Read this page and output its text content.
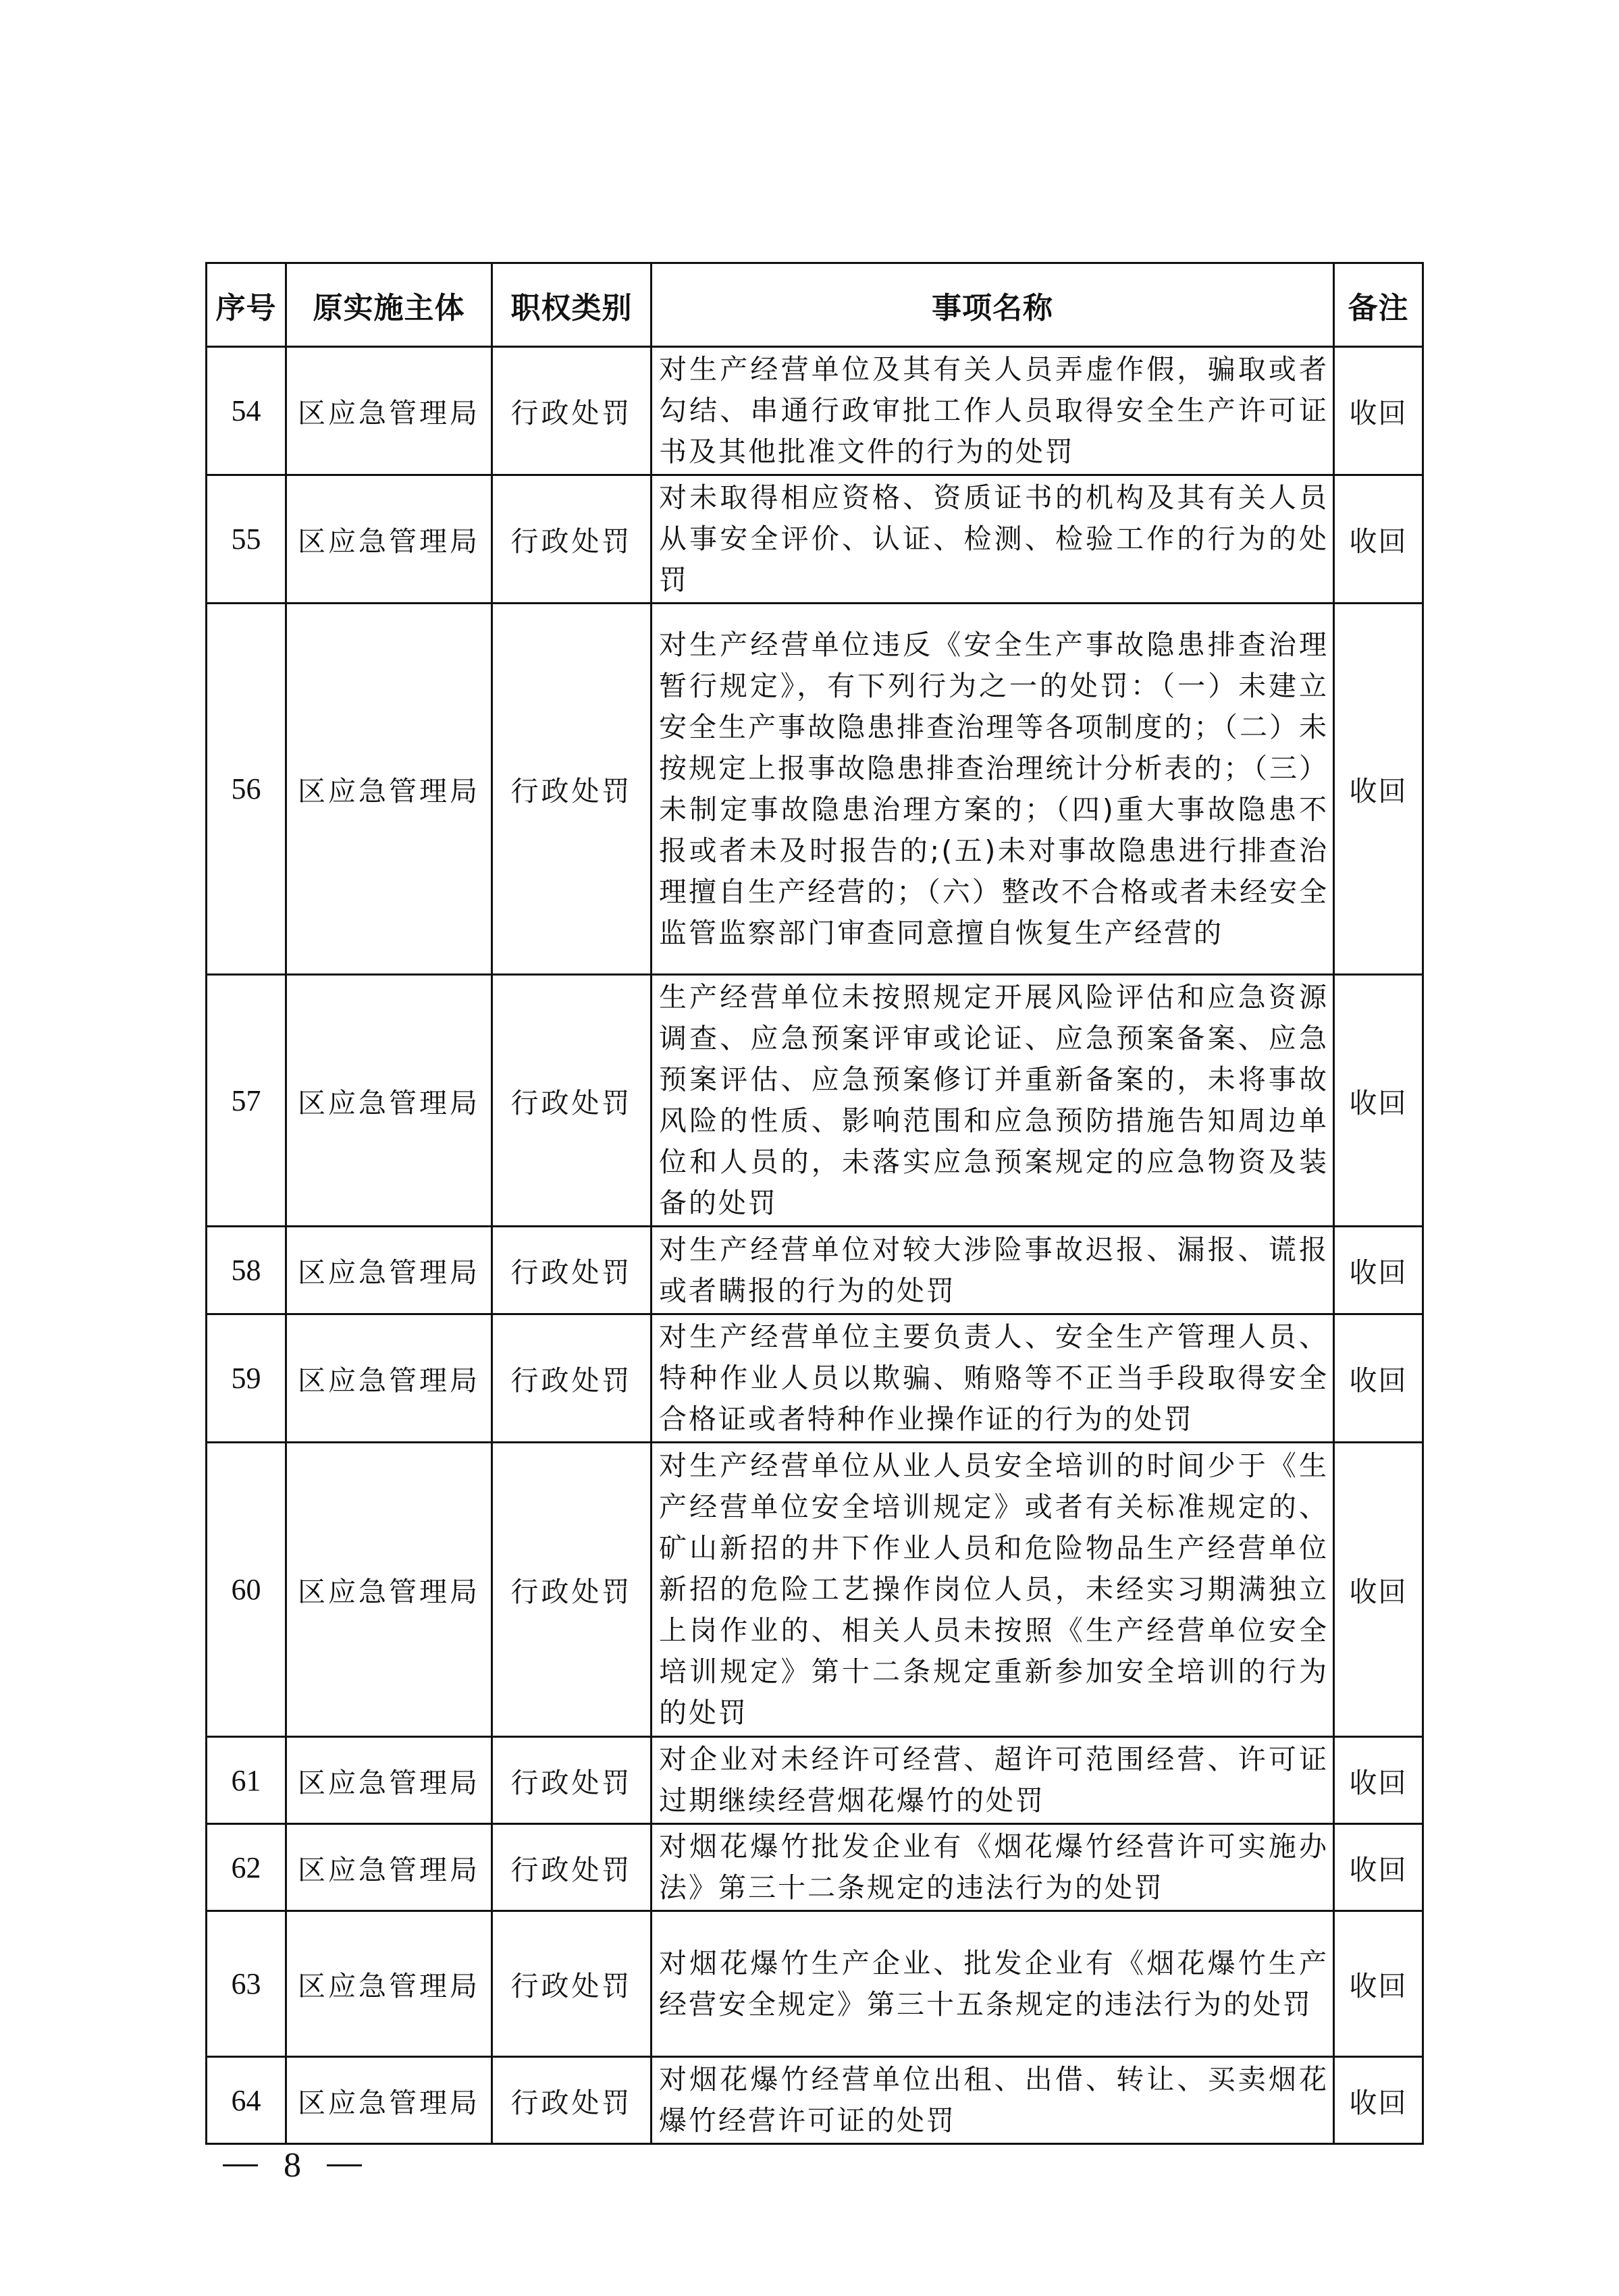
序号	原实施主体	职权类别	事项名称	备注
54	区应急管理局	行政处罚	对生产经营单位及其有关人员弄虚作假，骗取或者勾结、串通行政审批工作人员取得安全生产许可证书及其他批准文件的行为的处罚	收回
55	区应急管理局	行政处罚	对未取得相应资格、资质证书的机构及其有关人员从事安全评价、认证、检测、检验工作的行为的处罚	收回
56	区应急管理局	行政处罚	对生产经营单位违反《安全生产事故隐患排查治理暂行规定》，有下列行为之一的处罚：（一）未建立安全生产事故隐患排查治理等各项制度的；（二）未按规定上报事故隐患排查治理统计分析表的；（三）未制定事故隐患治理方案的；（四)重大事故隐患不报或者未及时报告的;(五)未对事故隐患进行排查治理擅自生产经营的；（六）整改不合格或者未经安全监管监察部门审查同意擅自恢复生产经营的	收回
57	区应急管理局	行政处罚	生产经营单位未按照规定开展风险评估和应急资源调查、应急预案评审或论证、应急预案备案、应急预案评估、应急预案修订并重新备案的，未将事故风险的性质、影响范围和应急预防措施告知周边单位和人员的，未落实应急预案规定的应急物资及装备的处罚	收回
58	区应急管理局	行政处罚	对生产经营单位对较大涉险事故迟报、漏报、谎报或者瞒报的行为的处罚	收回
59	区应急管理局	行政处罚	对生产经营单位主要负责人、安全生产管理人员、特种作业人员以欺骗、贿赂等不正当手段取得安全合格证或者特种作业操作证的行为的处罚	收回
60	区应急管理局	行政处罚	对生产经营单位从业人员安全培训的时间少于《生产经营单位安全培训规定》或者有关标准规定的、矿山新招的井下作业人员和危险物品生产经营单位新招的危险工艺操作岗位人员，未经实习期满独立上岗作业的、相关人员未按照《生产经营单位安全培训规定》第十二条规定重新参加安全培训的行为的处罚	收回
61	区应急管理局	行政处罚	对企业对未经许可经营、超许可范围经营、许可证过期继续经营烟花爆竹的处罚	收回
62	区应急管理局	行政处罚	对烟花爆竹批发企业有《烟花爆竹经营许可实施办法》第三十二条规定的违法行为的处罚	收回
63	区应急管理局	行政处罚	对烟花爆竹生产企业、批发企业有《烟花爆竹生产经营安全规定》第三十五条规定的违法行为的处罚	收回
64	区应急管理局	行政处罚	对烟花爆竹经营单位出租、出借、转让、买卖烟花爆竹经营许可证的处罚	收回
8
